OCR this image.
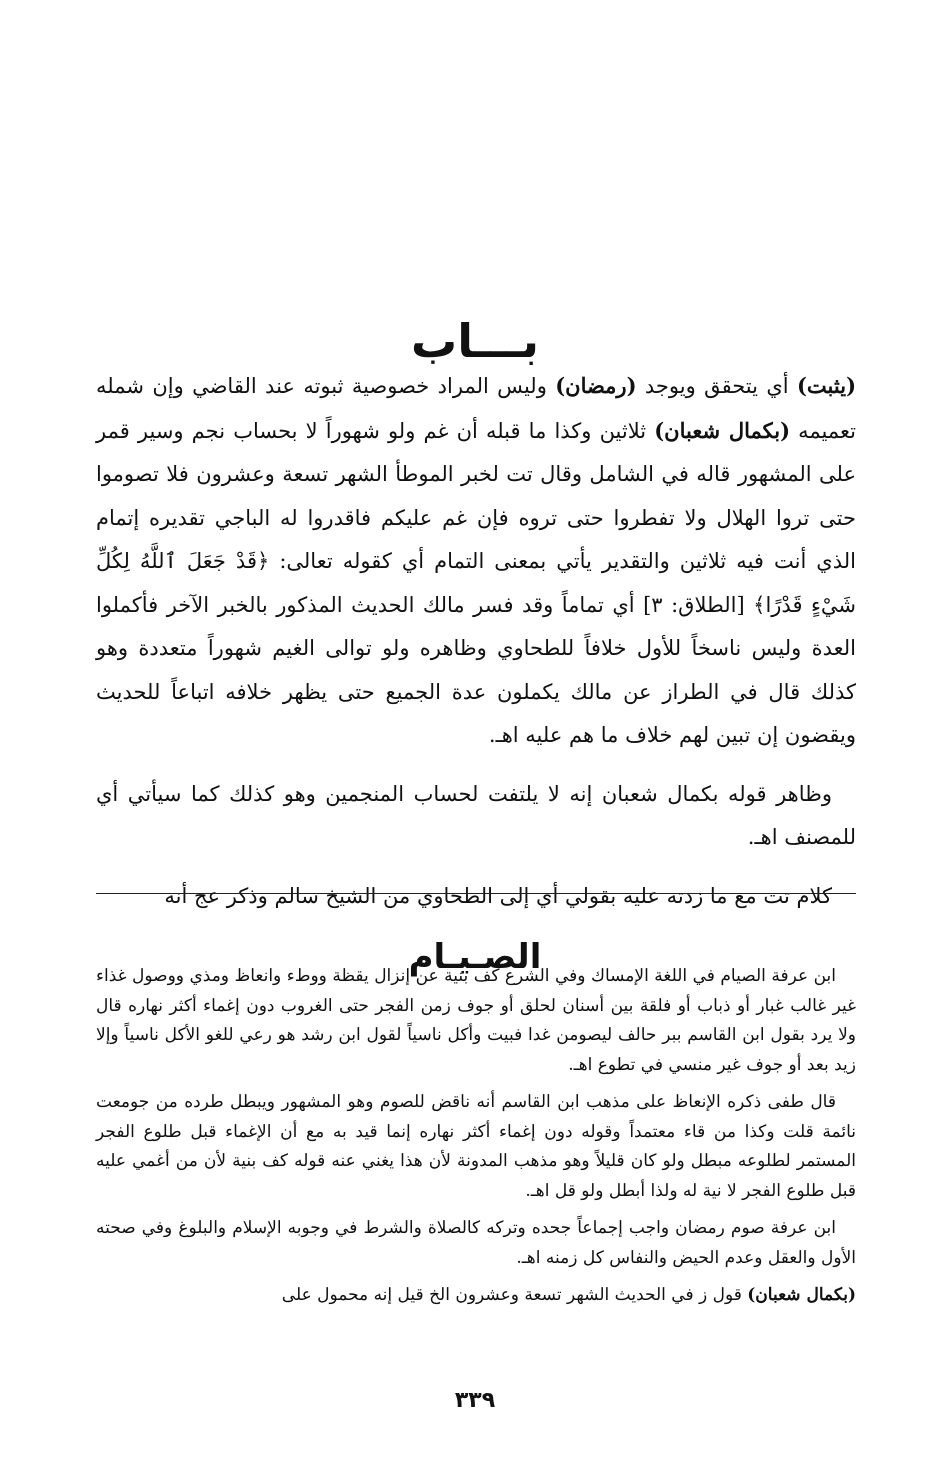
بـــاب

(يثبت) أي يتحقق ويوجد (رمضان) وليس المراد خصوصية ثبوته عند القاضي وإن شمله تعميمه (بكمال شعبان) ثلاثين وكذا ما قبله أن غم ولو شهوراً لا بحساب نجم وسير قمر على المشهور قاله في الشامل وقال تت لخبر الموطأ الشهر تسعة وعشرون فلا تصوموا حتى تروا الهلال ولا تفطروا حتى تروه فإن غم عليكم فاقدروا له الباجي تقديره إتمام الذي أنت فيه ثلاثين والتقدير يأتي بمعنى التمام أي كقوله تعالى: ﴿قَدْ جَعَلَ ٱللَّهُ لِكُلِّ شَيْءٍ قَدْرًا﴾ [الطلاق: ٣] أي تماماً وقد فسر مالك الحديث المذكور بالخبر الآخر فأكملوا العدة وليس ناسخاً للأول خلافاً للطحاوي وظاهره ولو توالى الغيم شهوراً متعددة وهو كذلك قال في الطراز عن مالك يكملون عدة الجميع حتى يظهر خلافه اتباعاً للحديث ويقضون إن تبين لهم خلاف ما هم عليه اهـ.

وظاهر قوله بكمال شعبان إنه لا يلتفت لحساب المنجمين وهو كذلك كما سيأتي أي للمصنف اهـ.

كلام تت مع ما زدته عليه بقولي أي إلى الطحاوي من الشيخ سالم وذكر عج أنه

الصـيـام

ابن عرفة الصيام في اللغة الإمساك وفي الشرع كف بنية عن إنزال يقظة ووطء وانعاظ ومذي ووصول غذاء غير غالب غبار أو ذباب أو فلقة بين أسنان لحلق أو جوف زمن الفجر حتى الغروب دون إغماء أكثر نهاره قال ولا يرد بقول ابن القاسم ببر حالف ليصومن غدا فبيت وأكل ناسياً لقول ابن رشد هو رعي للغو الأكل ناسياً وإلا زيد بعد أو جوف غير منسي في تطوع اهـ.

قال طفى ذكره الإنعاظ على مذهب ابن القاسم أنه ناقض للصوم وهو المشهور ويبطل طرده من جومعت نائمة قلت وكذا من قاء معتمداً وقوله دون إغماء أكثر نهاره إنما قيد به مع أن الإغماء قبل طلوع الفجر المستمر لطلوعه مبطل ولو كان قليلاً وهو مذهب المدونة لأن هذا يغني عنه قوله كف بنية لأن من أغمي عليه قبل طلوع الفجر لا نية له ولذا أبطل ولو قل اهـ.

ابن عرفة صوم رمضان واجب إجماعاً جحده وتركه كالصلاة والشرط في وجوبه الإسلام والبلوغ وفي صحته الأول والعقل وعدم الحيض والنفاس كل زمنه اهـ.

(بكمال شعبان) قول ز في الحديث الشهر تسعة وعشرون الخ قيل إنه محمول على

٣٣٩
